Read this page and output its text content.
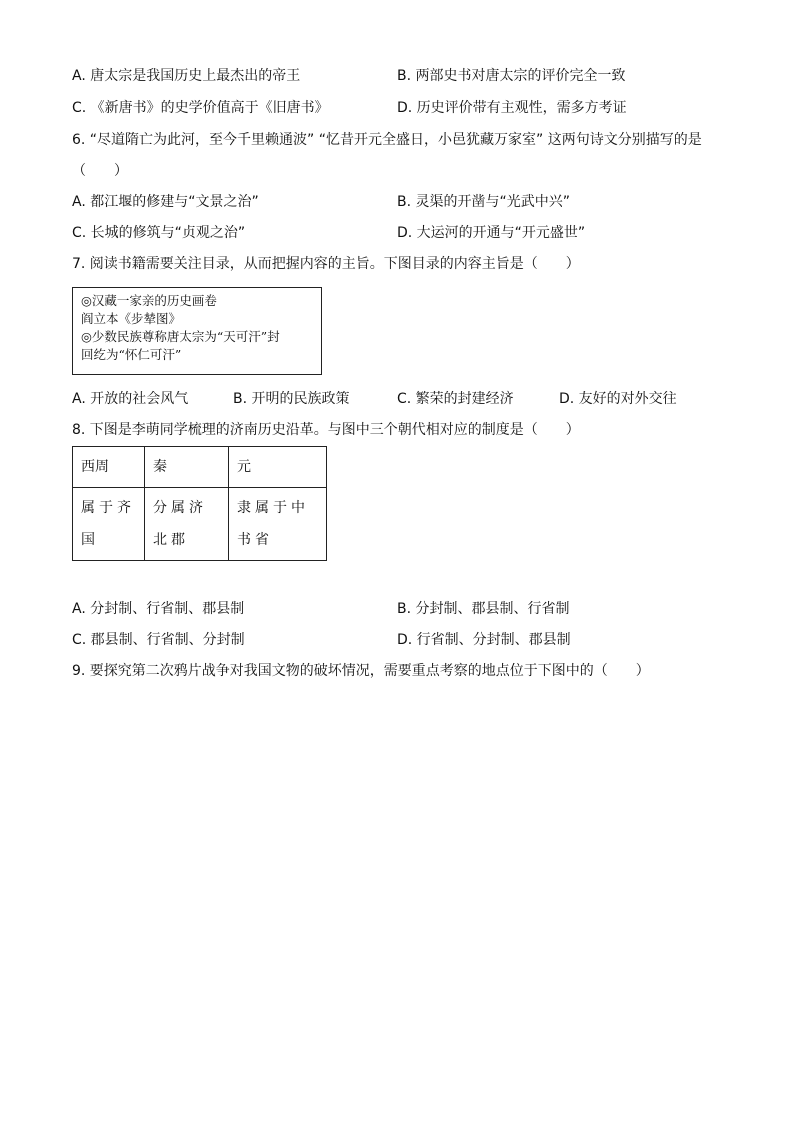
A. 唐太宗是我国历史上最杰出的帝王	B. 两部史书对唐太宗的评价完全一致
C. 《新唐书》的史学价值高于《旧唐书》	D. 历史评价带有主观性，需多方考证
6. “尽道隋亡为此河，至今千里赖通波” “忆昔开元全盛日，小邑犹藏万家室” 这两句诗文分别描写的是
（　　）
A. 都江堰的修建与“文景之治”	B. 灵渠的开凿与“光武中兴”
C. 长城的修筑与“贞观之治”	D. 大运河的开通与“开元盛世”
7. 阅读书籍需要关注目录，从而把握内容的主旨。下图目录的内容主旨是（　　）
◎汉藏一家亲的历史画卷
阎立本《步辇图》
◎少数民族尊称唐太宗为“天可汗”封
回纥为“怀仁可汗”
A. 开放的社会风气	B. 开明的民族政策	C. 繁荣的封建经济	D. 友好的对外交往
8. 下图是李萌同学梳理的济南历史沿革。与图中三个朝代相对应的制度是（　　）
西周	秦	元
属于齐国	分属济北郡	隶属于中书省
A. 分封制、行省制、郡县制	B. 分封制、郡县制、行省制
C. 郡县制、行省制、分封制	D. 行省制、分封制、郡县制
9. 要探究第二次鸦片战争对我国文物的破坏情况，需要重点考察的地点位于下图中的（　　）
